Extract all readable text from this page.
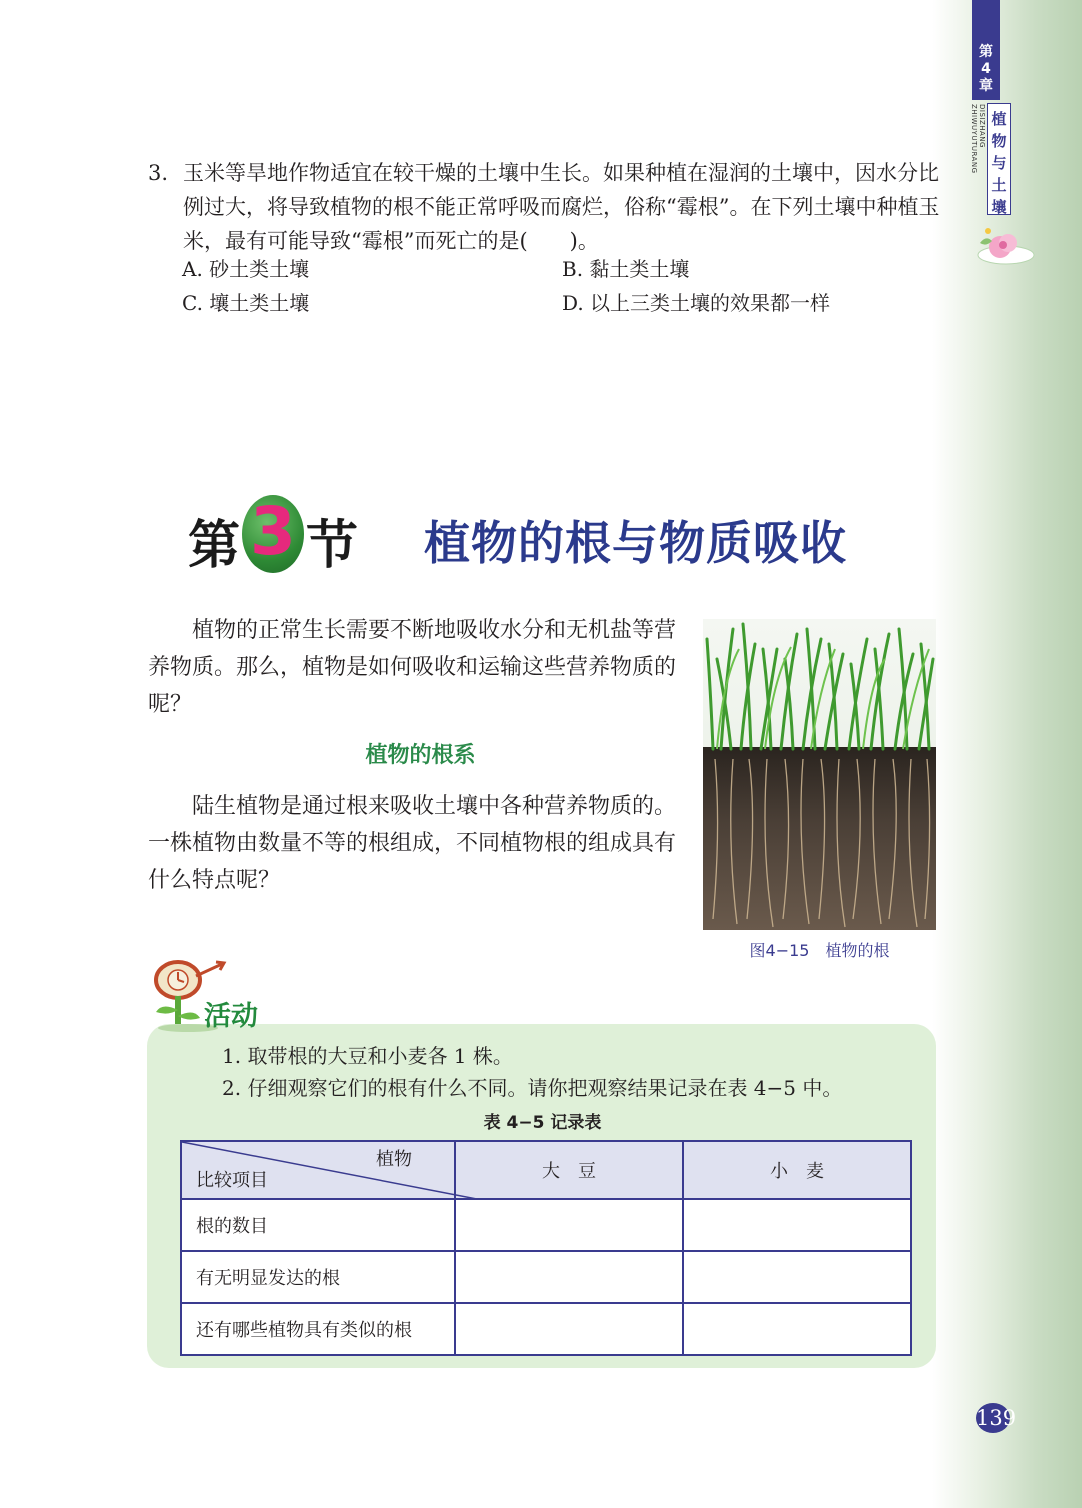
第
4
章
DISIZHANG ZHIWUYUTURANG 植
物
与
土
壤
3. 玉米等旱地作物适宜在较干燥的土壤中生长。如果种植在湿润的土壤中，因水分比例过大，将导致植物的根不能正常呼吸而腐烂，俗称“霉根”。在下列土壤中种植玉米，最有可能导致“霉根”而死亡的是(　　)。
A. 砂土类土壤	B. 黏土类土壤
C. 壤土类土壤	D. 以上三类土壤的效果都一样
第 3 节 植物的根与物质吸收
植物的正常生长需要不断地吸收水分和无机盐等营养物质。那么，植物是如何吸收和运输这些营养物质的呢？
植物的根系
陆生植物是通过根来吸收土壤中各种营养物质的。一株植物由数量不等的根组成，不同植物根的组成具有什么特点呢？
图4−15　植物的根
活动
1. 取带根的大豆和小麦各 1 株。
2. 仔细观察它们的根有什么不同。请你把观察结果记录在表 4−5 中。
表 4−5 记录表
植物
比较项目	大　豆	小　麦
根的数目		
有无明显发达的根		
还有哪些植物具有类似的根		
139
